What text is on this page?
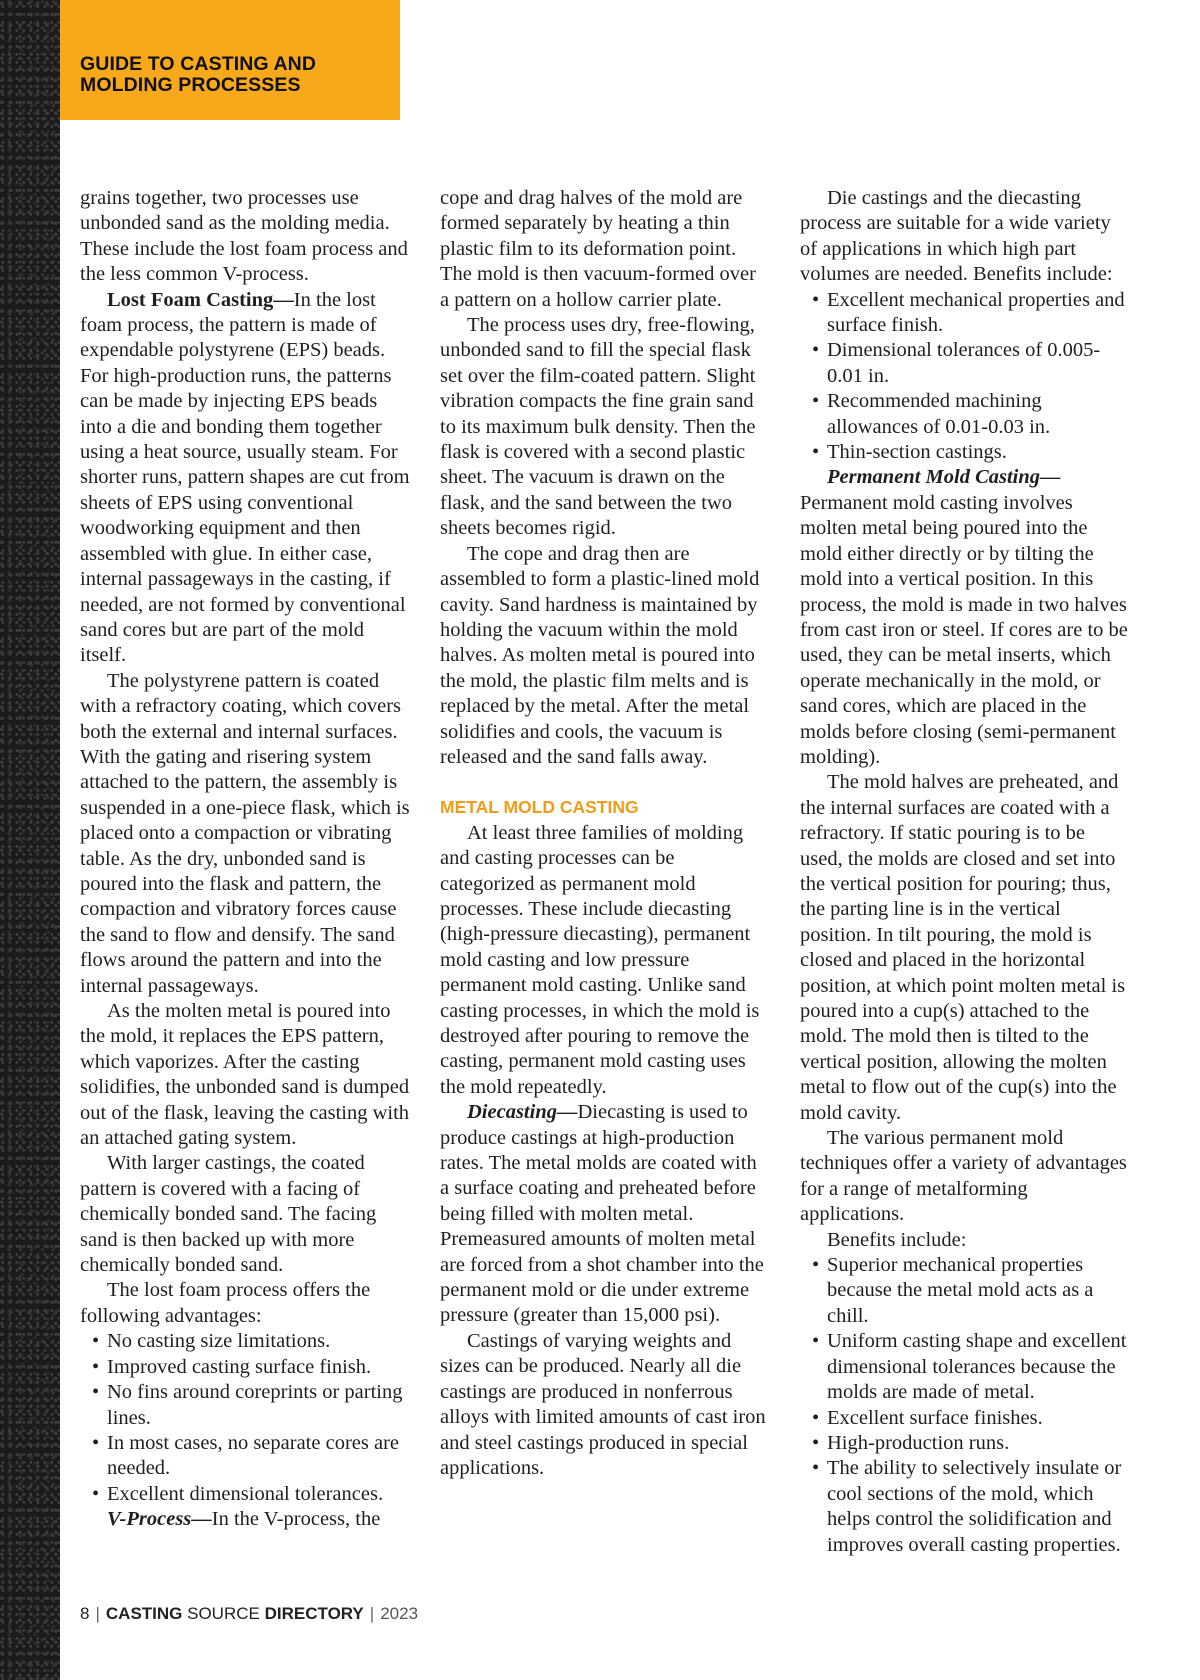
GUIDE TO CASTING AND MOLDING PROCESSES

grains together, two processes use unbonded sand as the molding media. These include the lost foam process and the less common V-process.

Lost Foam Casting—In the lost foam process, the pattern is made of expendable polystyrene (EPS) beads. For high-production runs, the patterns can be made by injecting EPS beads into a die and bonding them together using a heat source, usually steam. For shorter runs, pattern shapes are cut from sheets of EPS using conventional woodworking equipment and then assembled with glue. In either case, internal passageways in the casting, if needed, are not formed by conventional sand cores but are part of the mold itself.

The polystyrene pattern is coated with a refractory coating, which covers both the external and internal surfaces. With the gating and risering system attached to the pattern, the assembly is suspended in a one-piece flask, which is placed onto a compaction or vibrating table. As the dry, unbonded sand is poured into the flask and pattern, the compaction and vibratory forces cause the sand to flow and densify. The sand flows around the pattern and into the internal passageways.

As the molten metal is poured into the mold, it replaces the EPS pattern, which vaporizes. After the casting solidifies, the unbonded sand is dumped out of the flask, leaving the casting with an attached gating system.

With larger castings, the coated pattern is covered with a facing of chemically bonded sand. The facing sand is then backed up with more chemically bonded sand.

The lost foam process offers the following advantages:

• No casting size limitations.
• Improved casting surface finish.
• No fins around coreprints or parting lines.
• In most cases, no separate cores are needed.
• Excellent dimensional tolerances.

V-Process—In the V-process, the

cope and drag halves of the mold are formed separately by heating a thin plastic film to its deformation point. The mold is then vacuum-formed over a pattern on a hollow carrier plate.

The process uses dry, free-flowing, unbonded sand to fill the special flask set over the film-coated pattern. Slight vibration compacts the fine grain sand to its maximum bulk density. Then the flask is covered with a second plastic sheet. The vacuum is drawn on the flask, and the sand between the two sheets becomes rigid.

The cope and drag then are assembled to form a plastic-lined mold cavity. Sand hardness is maintained by holding the vacuum within the mold halves. As molten metal is poured into the mold, the plastic film melts and is replaced by the metal. After the metal solidifies and cools, the vacuum is released and the sand falls away.

METAL MOLD CASTING

At least three families of molding and casting processes can be categorized as permanent mold processes. These include diecasting (high-pressure diecasting), permanent mold casting and low pressure permanent mold casting. Unlike sand casting processes, in which the mold is destroyed after pouring to remove the casting, permanent mold casting uses the mold repeatedly.

Diecasting—Diecasting is used to produce castings at high-production rates. The metal molds are coated with a surface coating and preheated before being filled with molten metal. Premeasured amounts of molten metal are forced from a shot chamber into the permanent mold or die under extreme pressure (greater than 15,000 psi).

Castings of varying weights and sizes can be produced. Nearly all die castings are produced in nonferrous alloys with limited amounts of cast iron and steel castings produced in special applications.

Die castings and the diecasting process are suitable for a wide variety of applications in which high part volumes are needed. Benefits include:

• Excellent mechanical properties and surface finish.
• Dimensional tolerances of 0.005-0.01 in.
• Recommended machining allowances of 0.01-0.03 in.
• Thin-section castings.

Permanent Mold Casting—Permanent mold casting involves molten metal being poured into the mold either directly or by tilting the mold into a vertical position. In this process, the mold is made in two halves from cast iron or steel. If cores are to be used, they can be metal inserts, which operate mechanically in the mold, or sand cores, which are placed in the molds before closing (semi-permanent molding).

The mold halves are preheated, and the internal surfaces are coated with a refractory. If static pouring is to be used, the molds are closed and set into the vertical position for pouring; thus, the parting line is in the vertical position. In tilt pouring, the mold is closed and placed in the horizontal position, at which point molten metal is poured into a cup(s) attached to the mold. The mold then is tilted to the vertical position, allowing the molten metal to flow out of the cup(s) into the mold cavity.

The various permanent mold techniques offer a variety of advantages for a range of metalforming applications.

Benefits include:

• Superior mechanical properties because the metal mold acts as a chill.
• Uniform casting shape and excellent dimensional tolerances because the molds are made of metal.
• Excellent surface finishes.
• High-production runs.
• The ability to selectively insulate or cool sections of the mold, which helps control the solidification and improves overall casting properties.
8 | CASTING SOURCE DIRECTORY | 2023
